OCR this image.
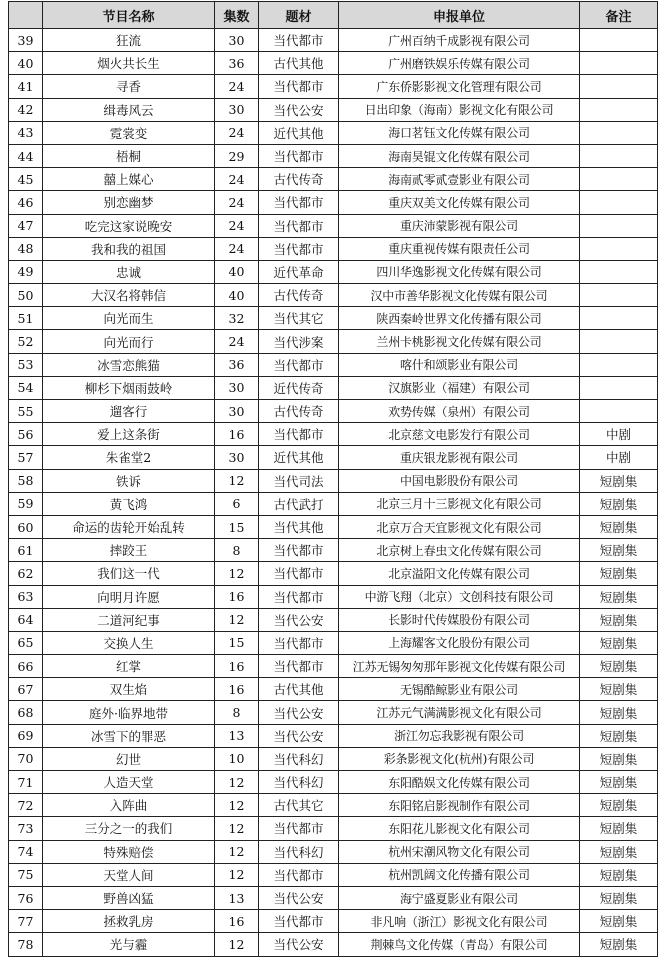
	节目名称	集数	题材	申报单位	备注
39	狂流	30	当代都市	广州百纳千成影视有限公司	
40	烟火共长生	36	古代其他	广州磨铁娱乐传媒有限公司	
41	寻香	24	当代都市	广东侨影影视文化管理有限公司	
42	缉毒风云	30	当代公安	日出印象（海南）影视文化有限公司	
43	霓裳变	24	近代其他	海口茗钰文化传媒有限公司	
44	梧桐	29	当代都市	海南昊锟文化传媒有限公司	
45	囍上媒心	24	古代传奇	海南贰零贰壹影业有限公司	
46	别恋幽梦	24	当代都市	重庆双美文化传媒有限公司	
47	吃完这家说晚安	24	当代都市	重庆沛蒙影视有限公司	
48	我和我的祖国	24	当代都市	重庆重视传媒有限责任公司	
49	忠诚	40	近代革命	四川华逸影视文化传媒有限公司	
50	大汉名将韩信	40	古代传奇	汉中市善华影视文化传媒有限公司	
51	向光而生	32	当代其它	陕西秦岭世界文化传播有限公司	
52	向光而行	24	当代涉案	兰州卡桃影视文化传媒有限公司	
53	冰雪恋熊猫	36	当代都市	喀什和颂影业有限公司	
54	柳杉下烟雨鼓岭	30	近代传奇	汉旗影业（福建）有限公司	
55	遛客行	30	古代传奇	欢势传媒（泉州）有限公司	
56	爱上这条街	16	当代都市	北京慈文电影发行有限公司	中剧
57	朱雀堂2	30	近代其他	重庆银龙影视有限公司	中剧
58	铁诉	12	当代司法	中国电影股份有限公司	短剧集
59	黄飞鸿	6	古代武打	北京三月十三影视文化有限公司	短剧集
60	命运的齿轮开始乱转	15	当代其他	北京万合天宜影视文化有限公司	短剧集
61	摔跤王	8	当代都市	北京树上春虫文化传媒有限公司	短剧集
62	我们这一代	12	当代都市	北京溢阳文化传媒有限公司	短剧集
63	向明月许愿	16	当代都市	中游飞翔（北京）文创科技有限公司	短剧集
64	二道河纪事	12	当代公安	长影时代传媒股份有限公司	短剧集
65	交换人生	15	当代都市	上海耀客文化股份有限公司	短剧集
66	红掌	16	当代都市	江苏无锡匆匆那年影视文化传媒有限公司	短剧集
67	双生焰	16	古代其他	无锡酷鲸影业有限公司	短剧集
68	庭外·临界地带	8	当代公安	江苏元气满满影视文化有限公司	短剧集
69	冰雪下的罪恶	13	当代公安	浙江勿忘我影视有限公司	短剧集
70	幻世	10	当代科幻	彩条影视文化(杭州)有限公司	短剧集
71	人造天堂	12	当代科幻	东阳酷娱文化传媒有限公司	短剧集
72	入阵曲	12	古代其它	东阳铭启影视制作有限公司	短剧集
73	三分之一的我们	12	当代都市	东阳花儿影视文化有限公司	短剧集
74	特殊赔偿	12	当代科幻	杭州宋潮风物文化有限公司	短剧集
75	天堂人间	12	当代都市	杭州凯阔文化传播有限公司	短剧集
76	野兽凶猛	13	当代公安	海宁盛夏影业有限公司	短剧集
77	拯救乳房	16	当代都市	非凡响（浙江）影视文化有限公司	短剧集
78	光与霾	12	当代公安	荆棘鸟文化传媒（青岛）有限公司	短剧集
